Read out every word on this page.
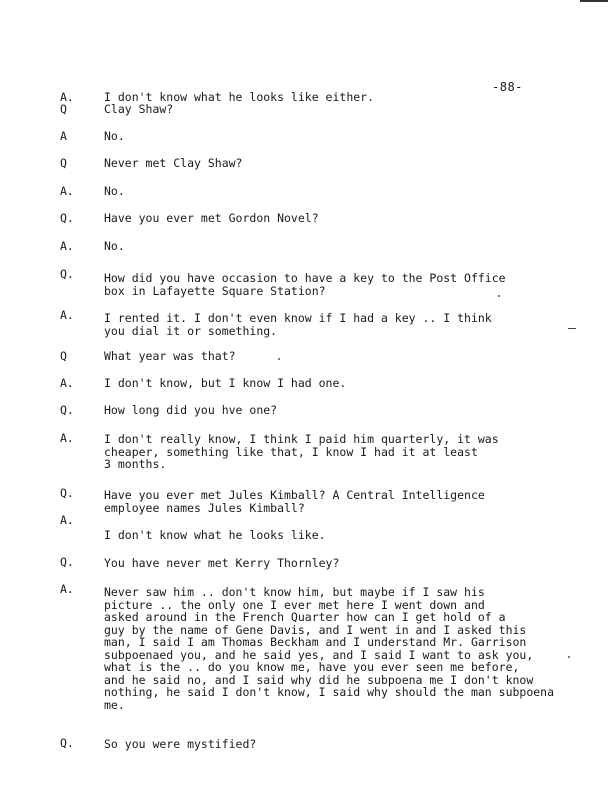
-88-
A.
Q
A
Q
A.
Q.
A.
Q.
A.
Q
A.
Q.
A.
Q.
A.
Q.
A.
Q.
I don't know what he looks like either.
Clay Shaw?
No.
Never met Clay Shaw?
No.
Have you ever met Gordon Novel?
No.
How did you have occasion to have a key to the Post Office
box in Lafayette Square Station?
I rented it. I don't even know if I had a key .. I think
you dial it or something.
What year was that?
I don't know, but I know I had one.
How long did you hve one?
I don't really know, I think I paid him quarterly, it was
cheaper, something like that, I know I had it at least
3 months.
Have you ever met Jules Kimball? A Central Intelligence
employee names Jules Kimball?
I don't know what he looks like.
You have never met Kerry Thornley?
Never saw him .. don't know him, but maybe if I saw his
picture .. the only one I ever met here I went down and
asked around in the French Quarter how can I get hold of a
guy by the name of Gene Davis, and I went in and I asked this
man, I said I am Thomas Beckham and I understand Mr. Garrison
subpoenaed you, and he said yes, and I said I want to ask you,
what is the .. do you know me, have you ever seen me before,
and he said no, and I said why did he subpoena me I don't know
nothing, he said I don't know, I said why should the man subpoena
me.
So you were mystified?
